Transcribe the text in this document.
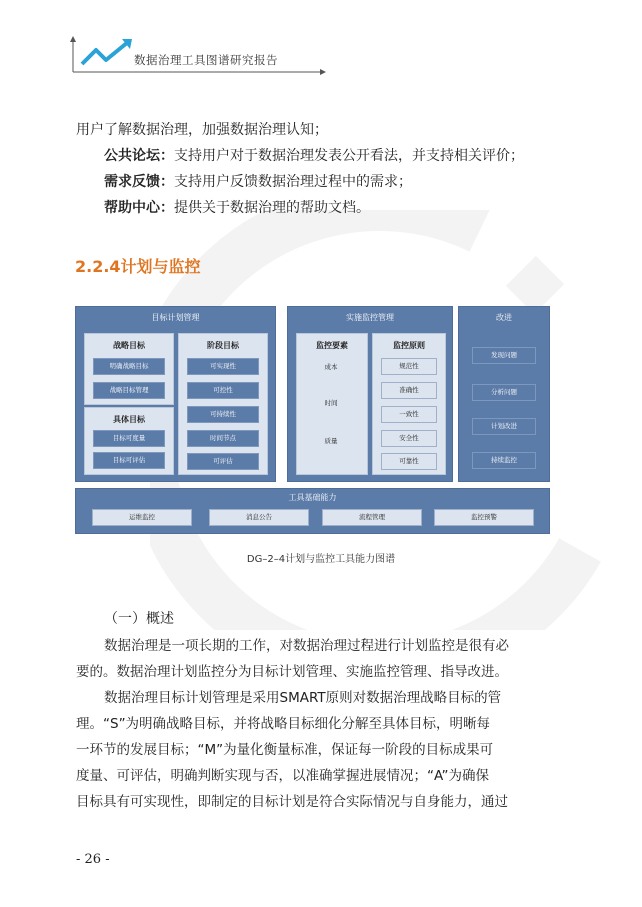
数据治理工具图谱研究报告
用户了解数据治理，加强数据治理认知；
公共论坛：支持用户对于数据治理发表公开看法，并支持相关评价；
需求反馈：支持用户反馈数据治理过程中的需求；
帮助中心：提供关于数据治理的帮助文档。
2.2.4计划与监控
目标计划管理
战略目标
明确战略目标
战略目标管理
阶段目标
可实现性
可控性
可持续性
时间节点
可评估
具体目标
目标可度量
目标可评估
实施监控管理
监控要素
成本
时间
质量
监控原则
规范性
准确性
一致性
安全性
可靠性
改进
发现问题
分析问题
计划改进
持续监控
工具基础能力
运维监控	消息公告	流程管理	监控预警
DG–2–4计划与监控工具能力图谱
（一）概述
数据治理是一项长期的工作，对数据治理过程进行计划监控是很有必
要的。数据治理计划监控分为目标计划管理、实施监控管理、指导改进。
数据治理目标计划管理是采用SMART原则对数据治理战略目标的管
理。“S”为明确战略目标，并将战略目标细化分解至具体目标，明晰每
一环节的发展目标；“M”为量化衡量标准，保证每一阶段的目标成果可
度量、可评估，明确判断实现与否，以准确掌握进展情况；“A”为确保
目标具有可实现性，即制定的目标计划是符合实际情况与自身能力，通过
- 26 -
